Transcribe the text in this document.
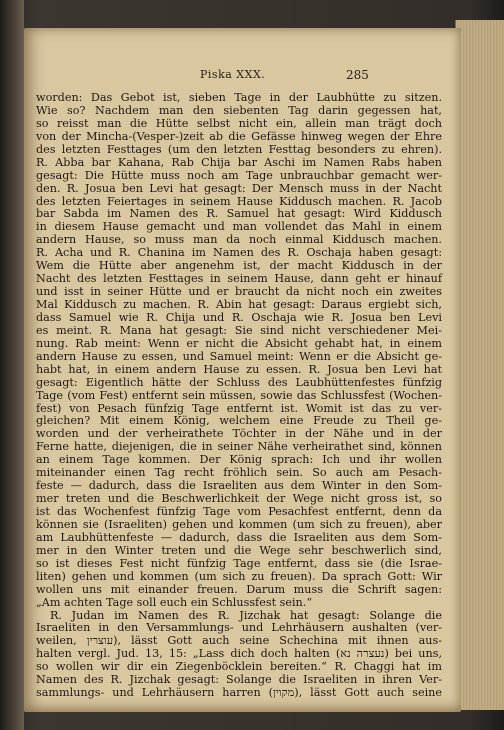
Piska XXX.	285
worden: Das Gebot ist, sieben Tage in der Laubhütte zu sitzen.
Wie so? Nachdem man den siebenten Tag darin gegessen hat,
so reisst man die Hütte selbst nicht ein, allein man trägt doch
von der Mincha-(Vesper-)zeit ab die Gefässe hinweg wegen der Ehre
des letzten Festtages (um den letzten Festtag besonders zu ehren).
R. Abba bar Kahana, Rab Chija bar Aschi im Namen Rabs haben
gesagt: Die Hütte muss noch am Tage unbrauchbar gemacht wer-
den. R. Josua ben Levi hat gesagt: Der Mensch muss in der Nacht
des letzten Feiertages in seinem Hause Kiddusch machen. R. Jacob
bar Sabda im Namen des R. Samuel hat gesagt: Wird Kiddusch
in diesem Hause gemacht und man vollendet das Mahl in einem
andern Hause, so muss man da noch einmal Kiddusch machen.
R. Acha und R. Chanina im Namen des R. Oschaja haben gesagt:
Wem die Hütte aber angenehm ist, der macht Kiddusch in der
Nacht des letzten Festtages in seinem Hause, dann geht er hinauf
und isst in seiner Hütte und er braucht da nicht noch ein zweites
Mal Kiddusch zu machen. R. Abin hat gesagt: Daraus ergiebt sich,
dass Samuel wie R. Chija und R. Oschaja wie R. Josua ben Levi
es meint. R. Mana hat gesagt: Sie sind nicht verschiedener Mei-
nung. Rab meint: Wenn er nicht die Absicht gehabt hat, in einem
andern Hause zu essen, und Samuel meint: Wenn er die Absicht ge-
habt hat, in einem andern Hause zu essen. R. Josua ben Levi hat
gesagt: Eigentlich hätte der Schluss des Laubhüttenfestes fünfzig
Tage (vom Fest) entfernt sein müssen, sowie das Schlussfest (Wochen-
fest) von Pesach fünfzig Tage entfernt ist. Womit ist das zu ver-
gleichen? Mit einem König, welchem eine Freude zu Theil ge-
worden und der verheirathete Töchter in der Nähe und in der
Ferne hatte, diejenigen, die in seiner Nähe verheirathet sind, können
an einem Tage kommen. Der König sprach: Ich und ihr wollen
miteinander einen Tag recht fröhlich sein. So auch am Pesach-
feste — dadurch, dass die Israeliten aus dem Winter in den Som-
mer treten und die Beschwerlichkeit der Wege nicht gross ist, so
ist das Wochenfest fünfzig Tage vom Pesachfest entfernt, denn da
können sie (Israeliten) gehen und kommen (um sich zu freuen), aber
am Laubhüttenfeste — dadurch, dass die Israeliten aus dem Som-
mer in den Winter treten und die Wege sehr beschwerlich sind,
so ist dieses Fest nicht fünfzig Tage entfernt, dass sie (die Israe-
liten) gehen und kommen (um sich zu freuen). Da sprach Gott: Wir
wollen uns mit einander freuen. Darum muss die Schrift sagen:
„Am achten Tage soll euch ein Schlussfest sein.“
R. Judan im Namen des R. Jizchak hat gesagt: Solange die
Israeliten in den Versammlungs- und Lehrhäusern aushalten (ver-
weilen, עוצרין), lässt Gott auch seine Schechina mit ihnen aus-
halten vergl. Jud. 13, 15: „Lass dich doch halten (נעצרה נא) bei uns,
so wollen wir dir ein Ziegenböcklein bereiten.“ R. Chaggi hat im
Namen des R. Jizchak gesagt: Solange die Israeliten in ihren Ver-
sammlungs- und Lehrhäusern harren (מקוין), lässt Gott auch seine
